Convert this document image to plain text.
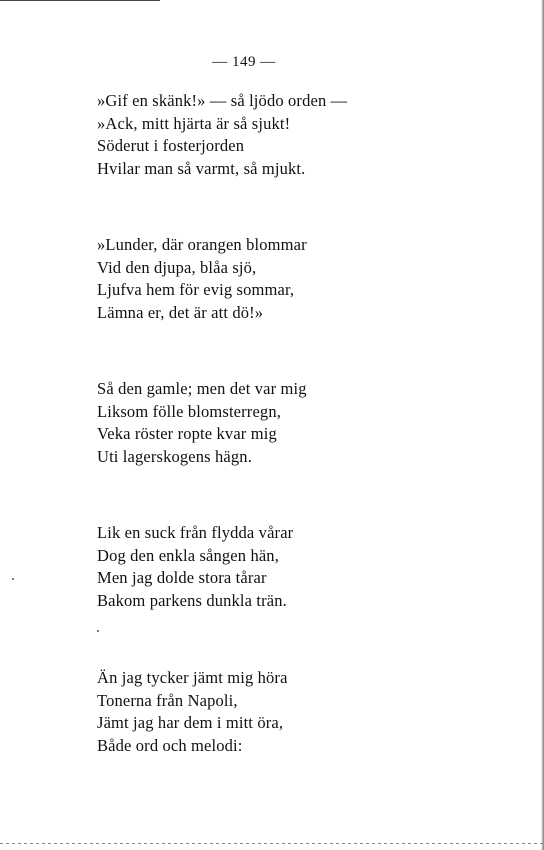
— 149 —
»Gif en skänk!» — så ljödo orden —
»Ack, mitt hjärta är så sjukt!
Söderut i fosterjorden
Hvilar man så varmt, så mjukt.
»Lunder, där orangen blommar
Vid den djupa, blåa sjö,
Ljufva hem för evig sommar,
Lämna er, det är att dö!»
Så den gamle; men det var mig
Liksom fölle blomsterregn,
Veka röster ropte kvar mig
Uti lagerskogens hägn.
Lik en suck från flydda vårar
Dog den enkla sången hän,
Men jag dolde stora tårar
Bakom parkens dunkla trän.
Än jag tycker jämt mig höra
Tonerna från Napoli,
Jämt jag har dem i mitt öra,
Både ord och melodi:
